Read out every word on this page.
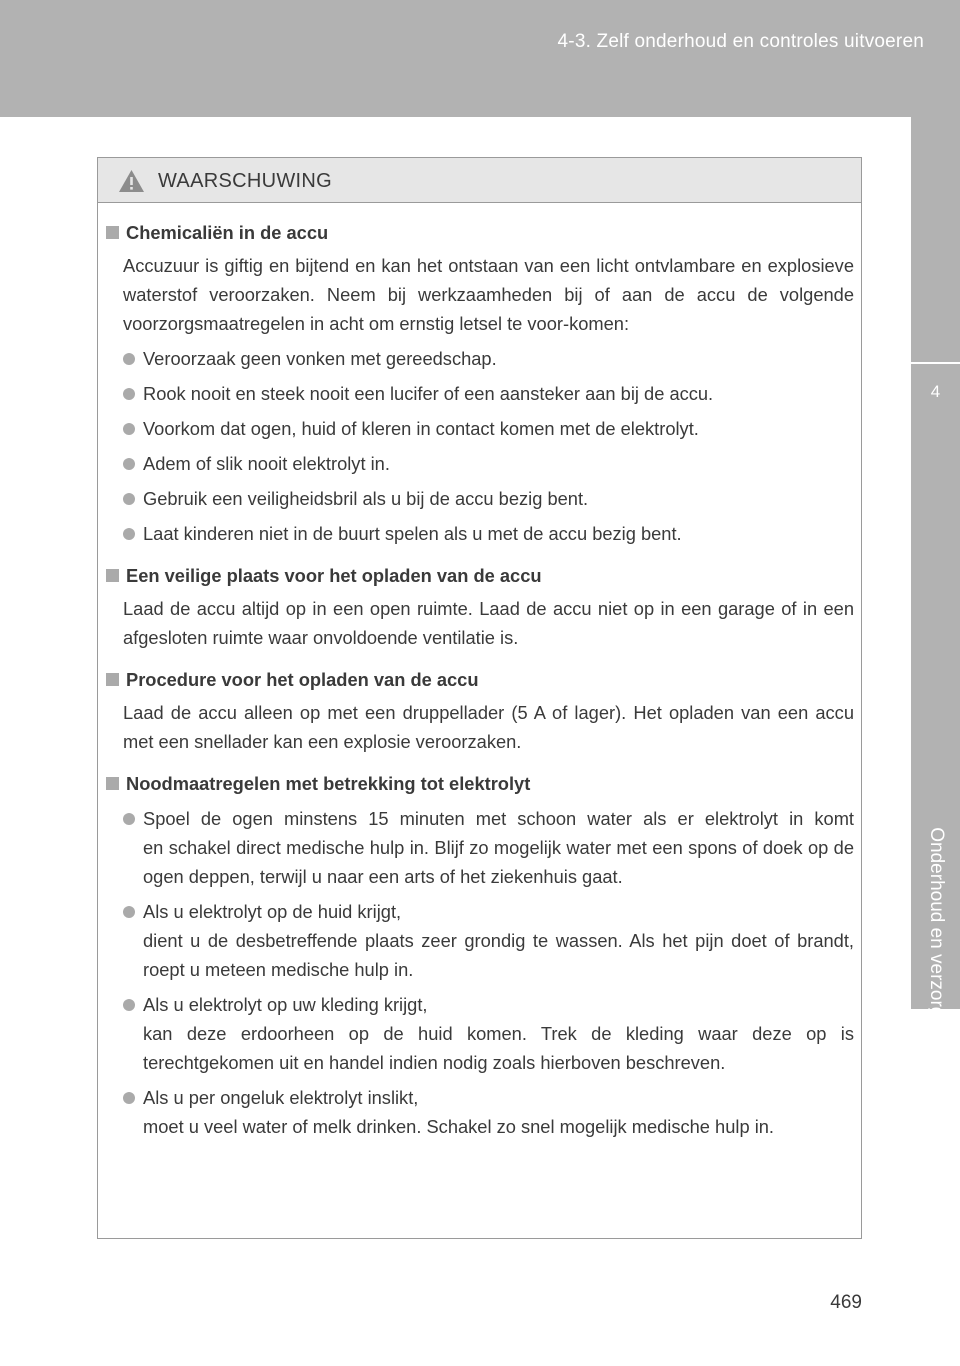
4-3. Zelf onderhoud en controles uitvoeren
4
Onderhoud en verzorging
WAARSCHUWING
Chemicaliën in de accu
Accuzuur is giftig en bijtend en kan het ontstaan van een licht ontvlambare en explosieve waterstof veroorzaken. Neem bij werkzaamheden bij of aan de accu de volgende voorzorgsmaatregelen in acht om ernstig letsel te voor-komen:
Veroorzaak geen vonken met gereedschap.
Rook nooit en steek nooit een lucifer of een aansteker aan bij de accu.
Voorkom dat ogen, huid of kleren in contact komen met de elektrolyt.
Adem of slik nooit elektrolyt in.
Gebruik een veiligheidsbril als u bij de accu bezig bent.
Laat kinderen niet in de buurt spelen als u met de accu bezig bent.
Een veilige plaats voor het opladen van de accu
Laad de accu altijd op in een open ruimte. Laad de accu niet op in een garage of in een afgesloten ruimte waar onvoldoende ventilatie is.
Procedure voor het opladen van de accu
Laad de accu alleen op met een druppellader (5 A of lager). Het opladen van een accu met een snellader kan een explosie veroorzaken.
Noodmaatregelen met betrekking tot elektrolyt
Spoel de ogen minstens 15 minuten met schoon water als er elektrolyt in komt
en schakel direct medische hulp in. Blijf zo mogelijk water met een spons of doek op de ogen deppen, terwijl u naar een arts of het ziekenhuis gaat.
Als u elektrolyt op de huid krijgt,
dient u de desbetreffende plaats zeer grondig te wassen. Als het pijn doet of brandt, roept u meteen medische hulp in.
Als u elektrolyt op uw kleding krijgt,
kan deze erdoorheen op de huid komen. Trek de kleding waar deze op is terechtgekomen uit en handel indien nodig zoals hierboven beschreven.
Als u per ongeluk elektrolyt inslikt,
moet u veel water of melk drinken. Schakel zo snel mogelijk medische hulp in.
469
